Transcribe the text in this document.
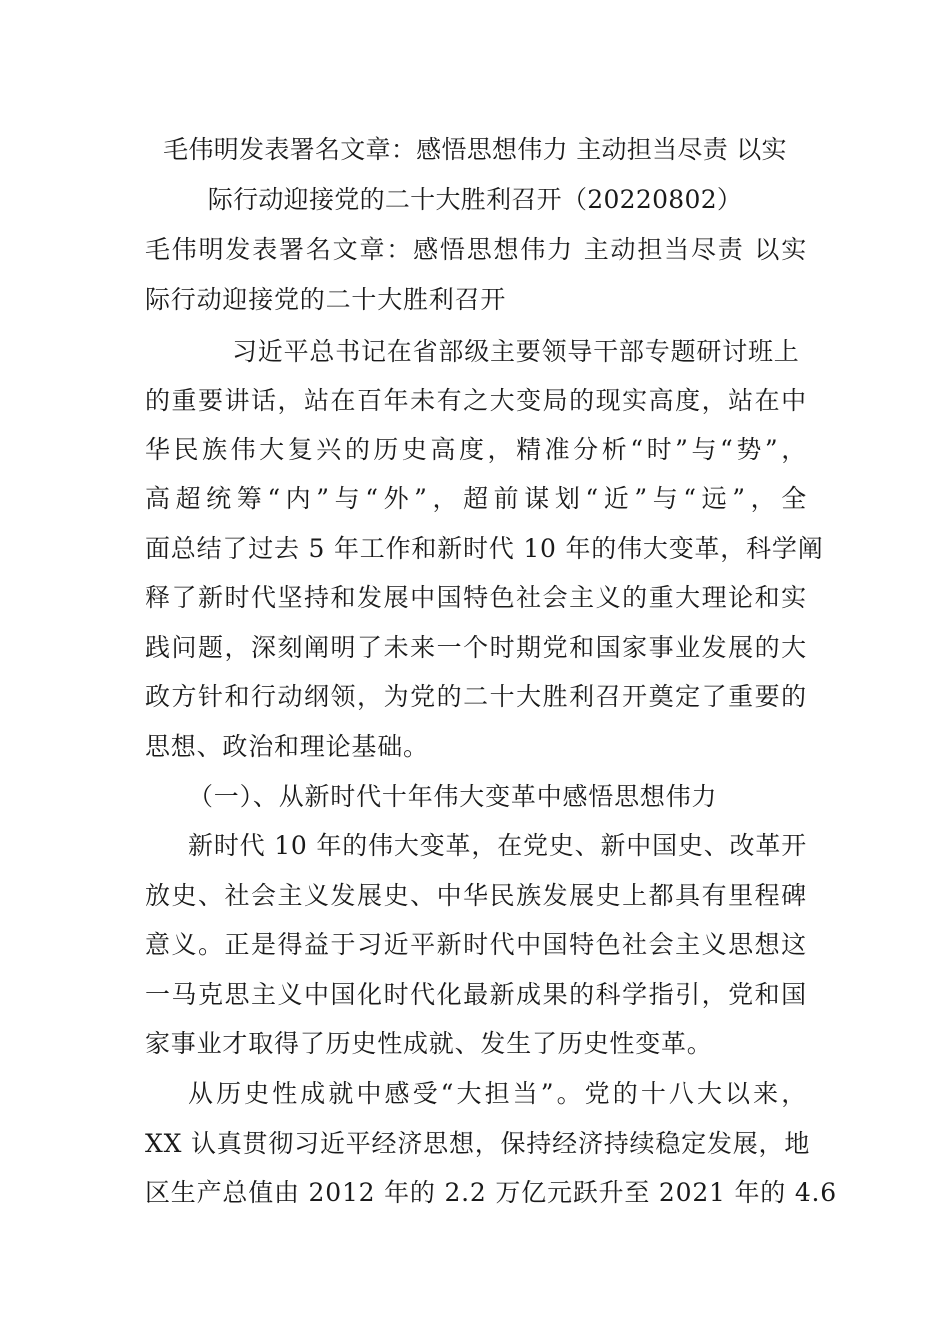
毛伟明发表署名文章：感悟思想伟力 主动担当尽责 以实
际行动迎接党的二十大胜利召开（20220802）
毛伟明发表署名文章：感悟思想伟力 主动担当尽责 以实
际行动迎接党的二十大胜利召开
习近平总书记在省部级主要领导干部专题研讨班上
的重要讲话，站在百年未有之大变局的现实高度，站在中
华民族伟大复兴的历史高度，精准分析“时”与“势”，
高超统筹“内”与“外”，超前谋划“近”与“远”，全
面总结了过去 5 年工作和新时代 10 年的伟大变革，科学阐
释了新时代坚持和发展中国特色社会主义的重大理论和实
践问题，深刻阐明了未来一个时期党和国家事业发展的大
政方针和行动纲领，为党的二十大胜利召开奠定了重要的
思想、政治和理论基础。
（一）、从新时代十年伟大变革中感悟思想伟力
新时代 10 年的伟大变革，在党史、新中国史、改革开
放史、社会主义发展史、中华民族发展史上都具有里程碑
意义。正是得益于习近平新时代中国特色社会主义思想这
一马克思主义中国化时代化最新成果的科学指引，党和国
家事业才取得了历史性成就、发生了历史性变革。
从历史性成就中感受“大担当”。党的十八大以来，
XX 认真贯彻习近平经济思想，保持经济持续稳定发展，地
区生产总值由 2012 年的 2.2 万亿元跃升至 2021 年的 4.6
